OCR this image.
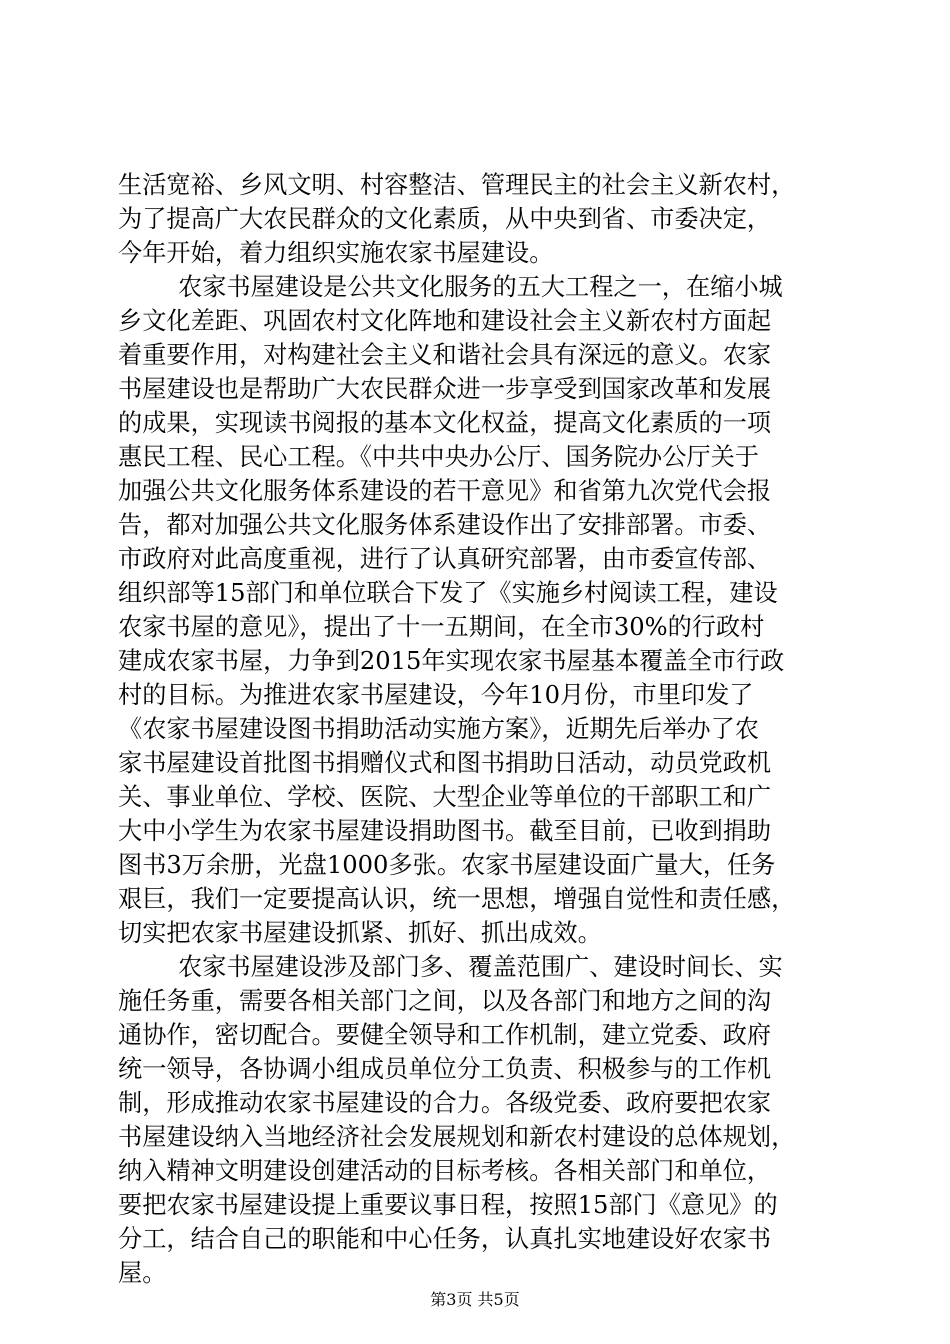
生活宽裕、乡风文明、村容整洁、管理民主的社会主义新农村，
为了提高广大农民群众的文化素质，从中央到省、市委决定，
今年开始，着力组织实施农家书屋建设。
农家书屋建设是公共文化服务的五大工程之一，在缩小城
乡文化差距、巩固农村文化阵地和建设社会主义新农村方面起
着重要作用，对构建社会主义和谐社会具有深远的意义。农家
书屋建设也是帮助广大农民群众进一步享受到国家改革和发展
的成果，实现读书阅报的基本文化权益，提高文化素质的一项
惠民工程、民心工程。《中共中央办公厅、国务院办公厅关于
加强公共文化服务体系建设的若干意见》和省第九次党代会报
告，都对加强公共文化服务体系建设作出了安排部署。市委、
市政府对此高度重视，进行了认真研究部署，由市委宣传部、
组织部等15部门和单位联合下发了《实施乡村阅读工程，建设
农家书屋的意见》，提出了十一五期间，在全市30%的行政村
建成农家书屋，力争到2015年实现农家书屋基本覆盖全市行政
村的目标。为推进农家书屋建设，今年10月份，市里印发了
《农家书屋建设图书捐助活动实施方案》，近期先后举办了农
家书屋建设首批图书捐赠仪式和图书捐助日活动，动员党政机
关、事业单位、学校、医院、大型企业等单位的干部职工和广
大中小学生为农家书屋建设捐助图书。截至目前，已收到捐助
图书3万余册，光盘1000多张。农家书屋建设面广量大，任务
艰巨，我们一定要提高认识，统一思想，增强自觉性和责任感，
切实把农家书屋建设抓紧、抓好、抓出成效。
农家书屋建设涉及部门多、覆盖范围广、建设时间长、实
施任务重，需要各相关部门之间，以及各部门和地方之间的沟
通协作，密切配合。要健全领导和工作机制，建立党委、政府
统一领导，各协调小组成员单位分工负责、积极参与的工作机
制，形成推动农家书屋建设的合力。各级党委、政府要把农家
书屋建设纳入当地经济社会发展规划和新农村建设的总体规划，
纳入精神文明建设创建活动的目标考核。各相关部门和单位，
要把农家书屋建设提上重要议事日程，按照15部门《意见》的
分工，结合自己的职能和中心任务，认真扎实地建设好农家书
屋。
第3页 共5页
